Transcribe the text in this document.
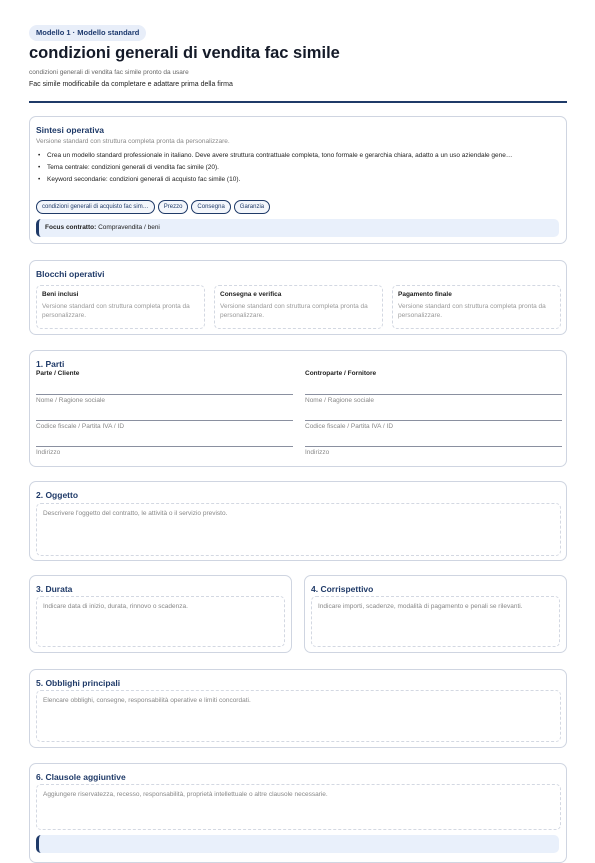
Modello 1 · Modello standard
condizioni generali di vendita fac simile
condizioni generali di vendita fac simile pronto da usare
Fac simile modificabile da completare e adattare prima della firma
Sintesi operativa
Versione standard con struttura completa pronta da personalizzare.
• Crea un modello standard professionale in italiano. Deve avere struttura contrattuale completa, tono formale e gerarchia chiara, adatto a un uso aziendale gene…
• Tema centrale: condizioni generali di vendita fac simile (20).
• Keyword secondarie: condizioni generali di acquisto fac simile (10).
condizioni generali di acquisto fac sim…	Prezzo	Consegna	Garanzia
Focus contratto: Compravendita / beni
Blocchi operativi
Beni inclusi
Versione standard con struttura completa pronta da personalizzare.
Consegna e verifica
Versione standard con struttura completa pronta da personalizzare.
Pagamento finale
Versione standard con struttura completa pronta da personalizzare.
1. Parti
Parte / Cliente
Nome / Ragione sociale
Codice fiscale / Partita IVA / ID
Indirizzo
Controparte / Fornitore
Nome / Ragione sociale
Codice fiscale / Partita IVA / ID
Indirizzo
2. Oggetto
Descrivere l'oggetto del contratto, le attività o il servizio previsto.
3. Durata
Indicare data di inizio, durata, rinnovo o scadenza.
4. Corrispettivo
Indicare importi, scadenze, modalità di pagamento e penali se rilevanti.
5. Obblighi principali
Elencare obblighi, consegne, responsabilità operative e limiti concordati.
6. Clausole aggiuntive
Aggiungere riservatezza, recesso, responsabilità, proprietà intellettuale o altre clausole necessarie.
